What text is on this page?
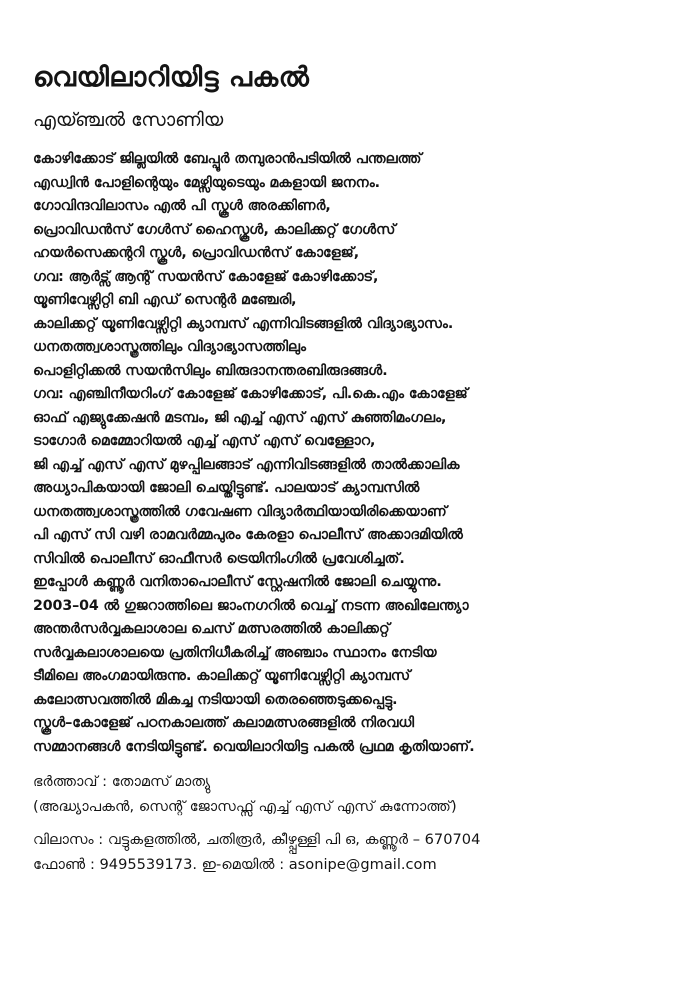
വെയിലാറിയിട്ട പകൽ
എയ്ഞ്ചൽ സോണിയ
കോഴിക്കോട് ജില്ലയിൽ ബേപ്പൂർ തമ്പുരാൻപടിയിൽ പന്തലത്ത്
എഡ്വിൻ പോളിന്റെയും മേഴ്സിയുടെയും മകളായി ജനനം.
ഗോവിന്ദവിലാസം എൽ പി സ്കൂൾ അരക്കിണർ,
പ്രൊവിഡൻസ് ഗേൾസ് ഹൈസ്കൂൾ, കാലിക്കറ്റ് ഗേൾസ്
ഹയർസെക്കന്ററി സ്കൂൾ, പ്രൊവിഡൻസ് കോളേജ്,
ഗവ: ആർട്സ് ആന്റ് സയൻസ് കോളേജ് കോഴിക്കോട്,
യൂണിവേഴ്സിറ്റി ബി എഡ് സെന്റർ മഞ്ചേരി,
കാലിക്കറ്റ് യൂണിവേഴ്സിറ്റി ക്യാമ്പസ് എന്നിവിടങ്ങളിൽ വിദ്യാഭ്യാസം.
ധനതത്ത്വശാസ്ത്രത്തിലും വിദ്യാഭ്യാസത്തിലും
പൊളിറ്റിക്കൽ സയൻസിലും ബിരുദാനന്തരബിരുദങ്ങൾ.
ഗവ: എഞ്ചിനീയറിംഗ് കോളേജ് കോഴിക്കോട്, പി.കെ.എം കോളേജ്
ഓഫ് എജ്യുക്കേഷൻ മടമ്പം, ജി എച്ച് എസ് എസ് കുഞ്ഞിമംഗലം,
ടാഗോർ മെമ്മോറിയൽ എച്ച് എസ് എസ് വെള്ളോറ,
ജി എച്ച് എസ് എസ് മുഴപ്പിലങ്ങാട് എന്നിവിടങ്ങളിൽ താൽക്കാലിക
അധ്യാപികയായി ജോലി ചെയ്തിട്ടുണ്ട്. പാലയാട് ക്യാമ്പസിൽ
ധനതത്ത്വശാസ്ത്രത്തിൽ ഗവേഷണ വിദ്യാർത്ഥിയായിരിക്കെയാണ്
പി എസ് സി വഴി രാമവർമ്മപുരം കേരളാ പൊലീസ് അക്കാദമിയിൽ
സിവിൽ പൊലീസ് ഓഫീസർ ട്രെയിനിംഗിൽ പ്രവേശിച്ചത്.
ഇപ്പോൾ കണ്ണൂർ വനിതാപൊലീസ് സ്റ്റേഷനിൽ ജോലി ചെയ്യുന്നു.
2003–04 ൽ ഗുജറാത്തിലെ ജാംനഗറിൽ വെച്ച് നടന്ന അഖിലേന്ത്യാ
അന്തർസർവ്വകലാശാല ചെസ് മത്സരത്തിൽ കാലിക്കറ്റ്
സർവ്വകലാശാലയെ പ്രതിനിധീകരിച്ച് അഞ്ചാം സ്ഥാനം നേടിയ
ടീമിലെ അംഗമായിരുന്നു. കാലിക്കറ്റ് യൂണിവേഴ്സിറ്റി ക്യാമ്പസ്
കലോത്സവത്തിൽ മികച്ച നടിയായി തെരഞ്ഞെടുക്കപ്പെട്ടു.
സ്കൂൾ–കോളേജ് പഠനകാലത്ത് കലാമത്സരങ്ങളിൽ നിരവധി
സമ്മാനങ്ങൾ നേടിയിട്ടുണ്ട്. വെയിലാറിയിട്ട പകൽ പ്രഥമ കൃതിയാണ്.
ഭർത്താവ് : തോമസ് മാത്യു
(അദ്ധ്യാപകൻ, സെന്റ് ജോസഫ്സ് എച്ച് എസ് എസ് കുന്നോത്ത്)
വിലാസം : വട്ടുകളത്തിൽ, ചതിരൂർ, കീഴ്പ്പള്ളി പി ഒ, കണ്ണൂർ – 670704
ഫോൺ : 9495539173. ഇ-മെയിൽ : asonipe@gmail.com
